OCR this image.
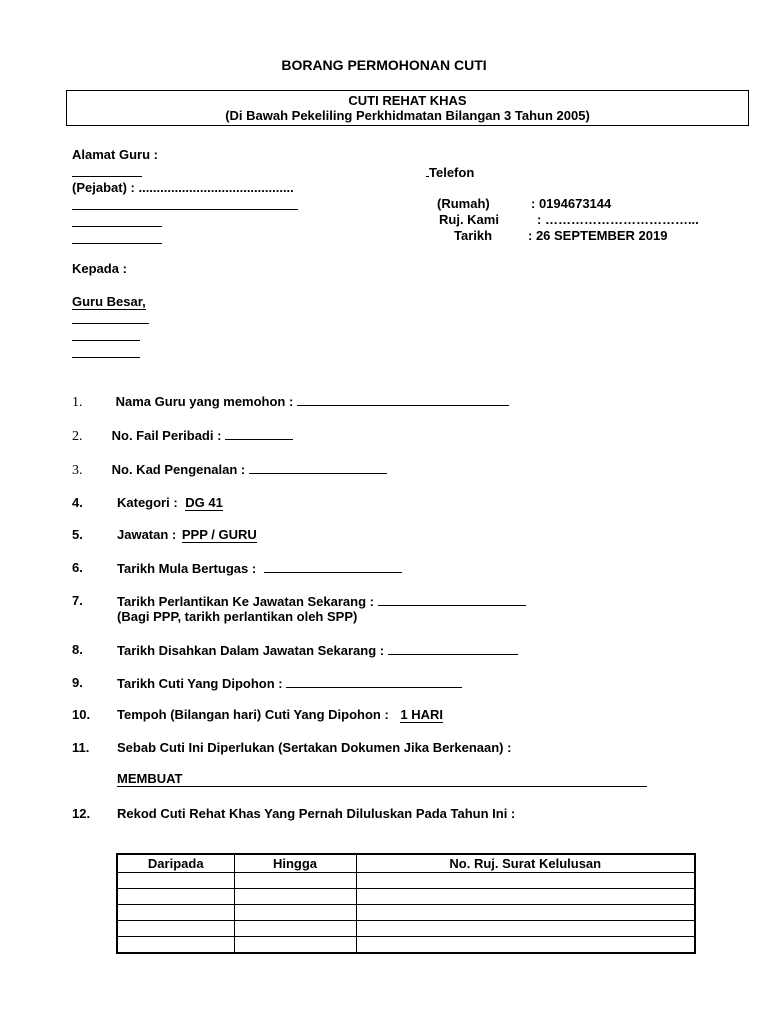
BORANG PERMOHONAN CUTI
CUTI REHAT KHAS
(Di Bawah Pekeliling Perkhidmatan Bilangan 3 Tahun 2005)
Alamat Guru :
(Pejabat) : ...........................................
Telefon
(Rumah)	: 0194673144
Ruj. Kami	: ……………………………...
Tarikh	: 26 SEPTEMBER 2019
Kepada :
Guru Besar,
1.	Nama Guru yang memohon :
2. No. Fail Peribadi :
3. No. Kad Pengenalan :
4.	Kategori : DG 41
5.	Jawatan : PPP / GURU
6.	Tarikh Mula Bertugas :
7.	Tarikh Perlantikan Ke Jawatan Sekarang :
(Bagi PPP, tarikh perlantikan oleh SPP)
8.	Tarikh Disahkan Dalam Jawatan Sekarang :
9.	Tarikh Cuti Yang Dipohon :
10. Tempoh (Bilangan hari) Cuti Yang Dipohon : 1 HARI
11. Sebab Cuti Ini Diperlukan (Sertakan Dokumen Jika Berkenaan) :
MEMBUAT
12. Rekod Cuti Rehat Khas Yang Pernah Diluluskan Pada Tahun Ini :
Daripada	Hingga	No. Ruj. Surat Kelulusan
